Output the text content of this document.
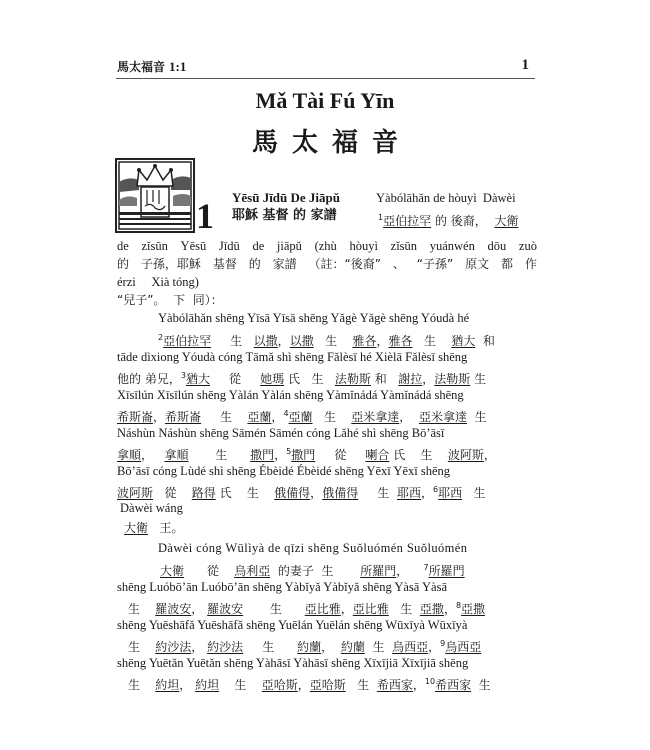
馬太福音 1:1	1
Mǎ Tài Fú Yīn
馬太福音
1 Yēsū Jīdū De Jiāpǔ
耶穌 基督 的 家譜
Yàbólāhǎn de hòuyì Dàwèi
$^1$亞伯拉罕 的 後裔， 大衛
de zǐsūn Yēsū Jīdū de jiāpǔ (zhù hòuyì zǐsūn yuánwén dōu zuò
的 子孫，耶穌 基督 的 家譜 （註：“後裔” 、 “子孫” 原文 都 作
érzi Xià tóng)
“兒子”。 下 同）：
Yàbólāhǎn shēng Yīsā Yīsā shēng Yǎgè Yǎgè shēng Yóudà hé
$^2$亞伯拉罕 生 以撒，以撒 生 雅各，雅各 生 猶大 和
tāde dìxiong Yóudà cóng Tāmǎ shì shēng Fǎlèsī hé Xièlā Fǎlèsī shēng
他的 弟兄，$^3$猶大 從 她瑪 氏 生 法勒斯 和 謝拉，法勒斯 生
Xīsīlún Xīsīlún shēng Yàlán Yàlán shēng Yàmǐnádá Yàmǐnádá shēng
希斯崙，希斯崙 生 亞蘭，$^4$亞蘭 生 亞米拿達， 亞米拿達 生
Náshùn Náshùn shēng Sāmén Sāmén cóng Lǎhé shì shēng Bō’āsī
拿順， 拿順 生 撒門，$^5$撒門 從 喇合 氏 生 波阿斯，
Bō’āsī cóng Lùdé shì shēng Ébèidé Ébèidé shēng Yēxī Yēxī shēng
波阿斯 從 路得 氏 生 俄備得，俄備得 生 耶西，$^6$耶西 生
Dàwèi wáng
大衛 王。
Dàwèi cóng Wūlìyà de qīzi shēng Suǒluómén Suǒluómén
大衛 從 烏利亞 的妻子 生 所羅門， $^7$所羅門
shēng Luóbō’ān Luóbō’ān shēng Yàbǐyǎ Yàbǐyǎ shēng Yàsā Yàsā
生 羅波安， 羅波安 生 亞比雅，亞比雅 生 亞撒，$^8$亞撒
shēng Yuēshāfǎ Yuēshāfǎ shēng Yuēlán Yuēlán shēng Wūxīyà Wūxīyà
生 約沙法， 約沙法 生 約蘭， 約蘭 生 烏西亞，$^9$烏西亞
shēng Yuētǎn Yuētǎn shēng Yàhāsī Yàhāsī shēng Xīxījiā Xīxījiā shēng
生 約坦， 約坦 生 亞哈斯，亞哈斯 生 希西家，$^{10}$希西家 生
